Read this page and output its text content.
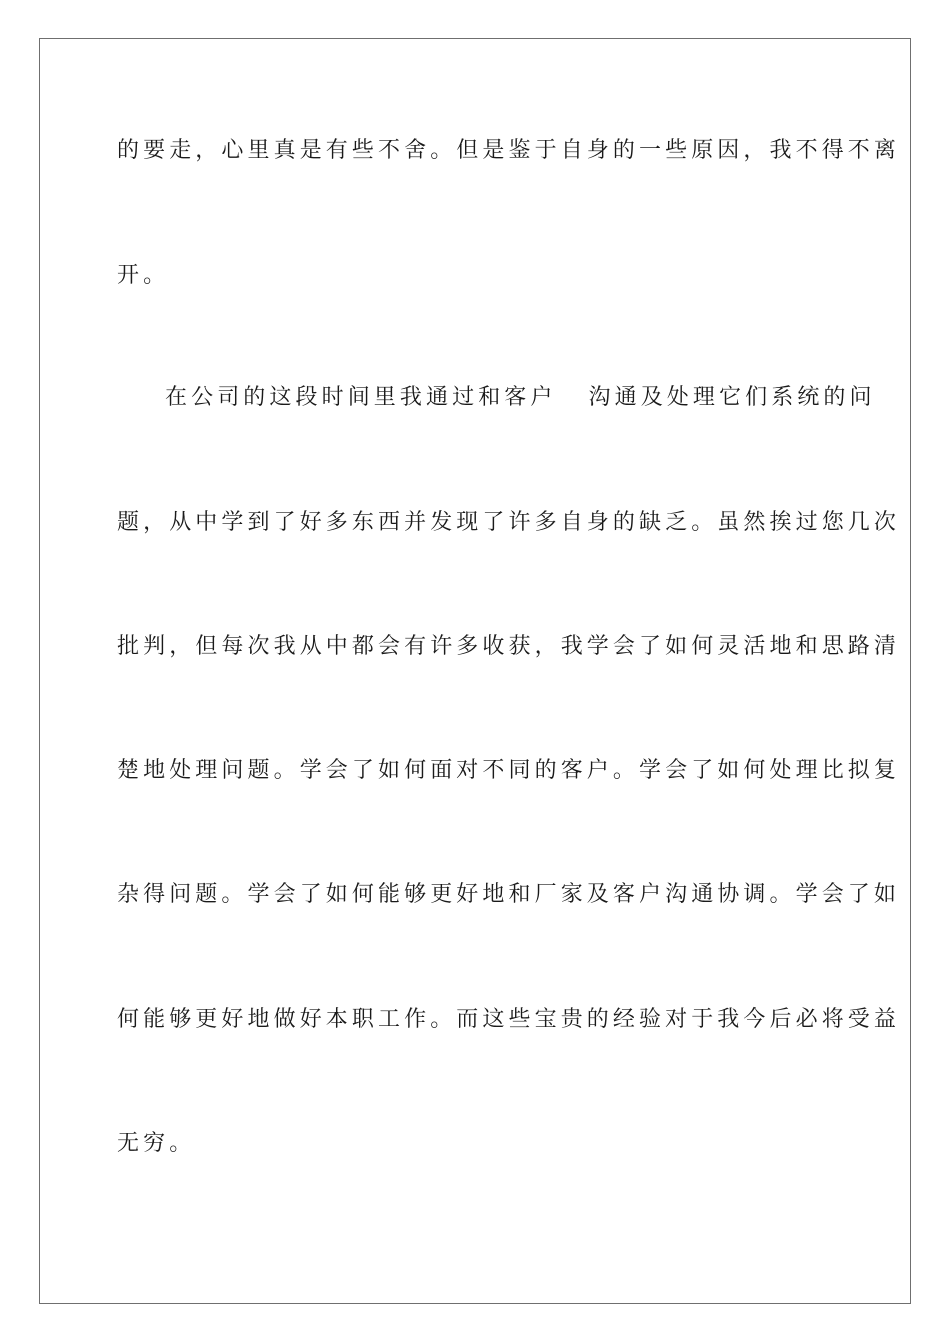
的要走，心里真是有些不舍。但是鉴于自身的一些原因，我不得不离
开。
在公司的这段时间里我通过和客户 沟通及处理它们系统的问
题，从中学到了好多东西并发现了许多自身的缺乏。虽然挨过您几次
批判，但每次我从中都会有许多收获，我学会了如何灵活地和思路清
楚地处理问题。学会了如何面对不同的客户。学会了如何处理比拟复
杂得问题。学会了如何能够更好地和厂家及客户沟通协调。学会了如
何能够更好地做好本职工作。而这些宝贵的经验对于我今后必将受益
无穷。
